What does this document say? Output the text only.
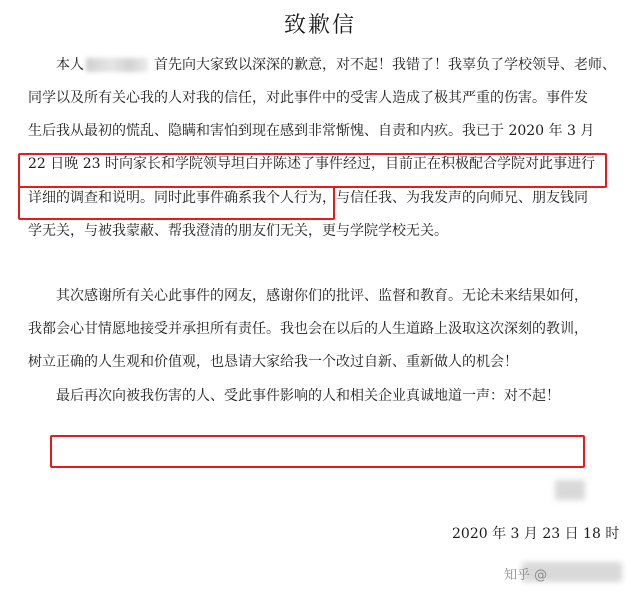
致歉信
本人	首先向大家致以深深的歉意，对不起！我错了！我辜负了学校领导、老师、
同学以及所有关心我的人对我的信任，对此事件中的受害人造成了极其严重的伤害。事件发
生后我从最初的慌乱、隐瞒和害怕到现在感到非常惭愧、自责和内疚。我已于 2020 年 3 月
22 日晚 23 时向家长和学院领导坦白并陈述了事件经过，目前正在积极配合学院对此事进行
详细的调查和说明。同时此事件确系我个人行为，与信任我、为我发声的向师兄、朋友钱同
学无关，与被我蒙蔽、帮我澄清的朋友们无关，更与学院学校无关。
其次感谢所有关心此事件的网友，感谢你们的批评、监督和教育。无论未来结果如何，
我都会心甘情愿地接受并承担所有责任。我也会在以后的人生道路上汲取这次深刻的教训，
树立正确的人生观和价值观，也恳请大家给我一个改过自新、重新做人的机会！
最后再次向被我伤害的人、受此事件影响的人和相关企业真诚地道一声：对不起！
2020 年 3 月 23 日 18 时
知乎 @
